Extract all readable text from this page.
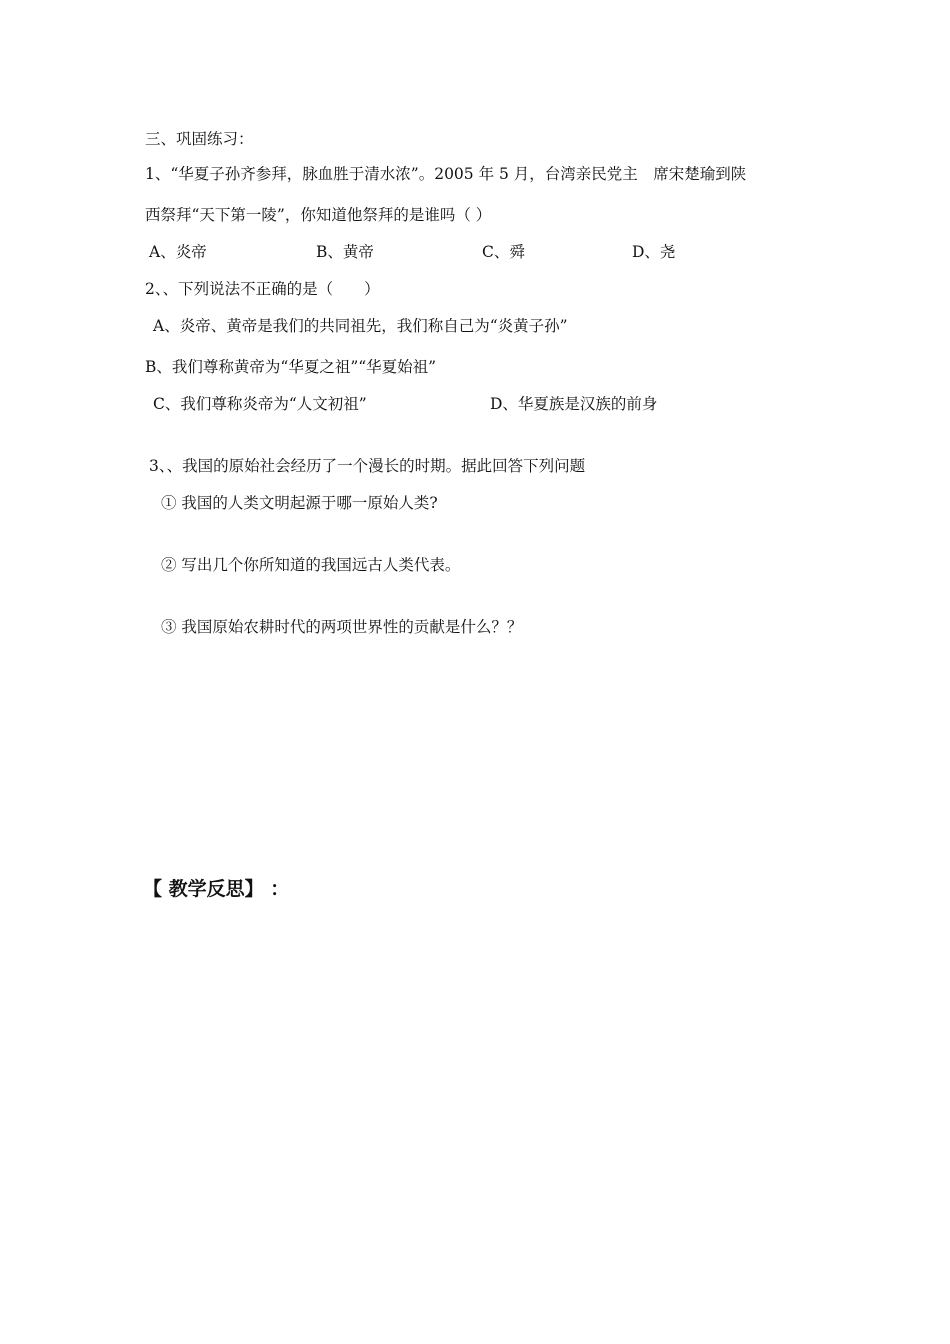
三、巩固练习：
1、“华夏子孙齐参拜，脉血胜于清水浓”。2005 年 5 月，台湾亲民党主　席宋楚瑜到陕
西祭拜“天下第一陵”，你知道他祭拜的是谁吗（ ）
A、炎帝	B、黄帝	C、舜	D、尧
2、、下列说法不正确的是（　　）
A、炎帝、黄帝是我们的共同祖先，我们称自己为“炎黄子孙”
B、我们尊称黄帝为“华夏之祖”“华夏始祖”
C、我们尊称炎帝为“人文初祖”	D、华夏族是汉族的前身
3、、我国的原始社会经历了一个漫长的时期。据此回答下列问题
① 我国的人类文明起源于哪一原始人类?
② 写出几个你所知道的我国远古人类代表。
③ 我国原始农耕时代的两项世界性的贡献是什么？？
【 教学反思】 ：
